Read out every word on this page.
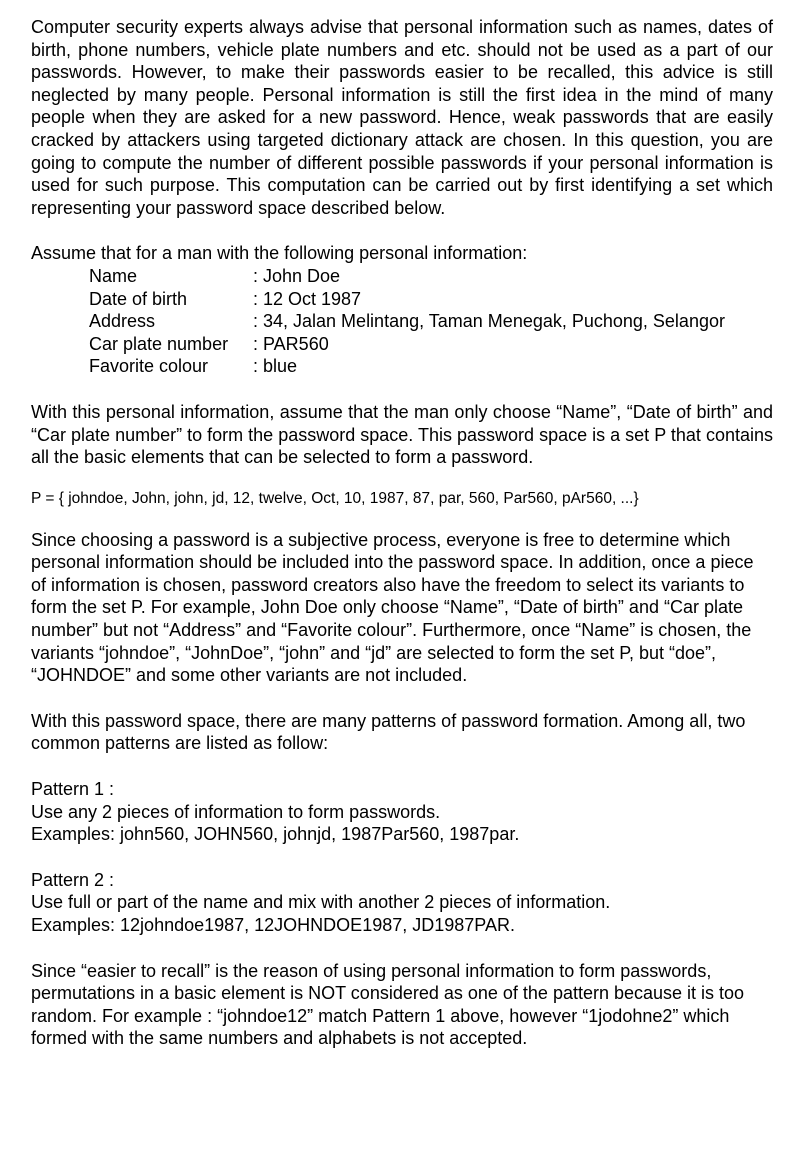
Computer security experts always advise that personal information such as names, dates of birth, phone numbers, vehicle plate numbers and etc. should not be used as a part of our passwords. However, to make their passwords easier to be recalled, this advice is still neglected by many people. Personal information is still the first idea in the mind of many people when they are asked for a new password. Hence, weak passwords that are easily cracked by attackers using targeted dictionary attack are chosen. In this question, you are going to compute the number of different possible passwords if your personal information is used for such purpose. This computation can be carried out by first identifying a set which representing your password space described below.

Assume that for a man with the following personal information:

Name	: John Doe
Date of birth	: 12 Oct 1987
Address	: 34, Jalan Melintang, Taman Menegak, Puchong, Selangor
Car plate number	: PAR560
Favorite colour	: blue

With this personal information, assume that the man only choose “Name”, “Date of birth” and “Car plate number” to form the password space. This password space is a set P that contains all the basic elements that can be selected to form a password.

P = { johndoe, John, john, jd, 12, twelve, Oct, 10, 1987, 87, par, 560, Par560, pAr560, ...}

Since choosing a password is a subjective process, everyone is free to determine which personal information should be included into the password space. In addition, once a piece of information is chosen, password creators also have the freedom to select its variants to form the set P. For example, John Doe only choose “Name”, “Date of birth” and “Car plate number” but not “Address” and “Favorite colour”. Furthermore, once “Name” is chosen, the variants “johndoe”, “JohnDoe”, “john” and “jd” are selected to form the set P, but “doe”, “JOHNDOE” and some other variants are not included.

With this password space, there are many patterns of password formation. Among all, two common patterns are listed as follow:

Pattern 1 :

Use any 2 pieces of information to form passwords.

Examples: john560, JOHN560, johnjd, 1987Par560, 1987par.

Pattern 2 :

Use full or part of the name and mix with another 2 pieces of information.

Examples: 12johndoe1987, 12JOHNDOE1987, JD1987PAR.

Since “easier to recall” is the reason of using personal information to form passwords, permutations in a basic element is NOT considered as one of the pattern because it is too random. For example : “johndoe12” match Pattern 1 above, however “1jodohne2” which formed with the same numbers and alphabets is not accepted.
